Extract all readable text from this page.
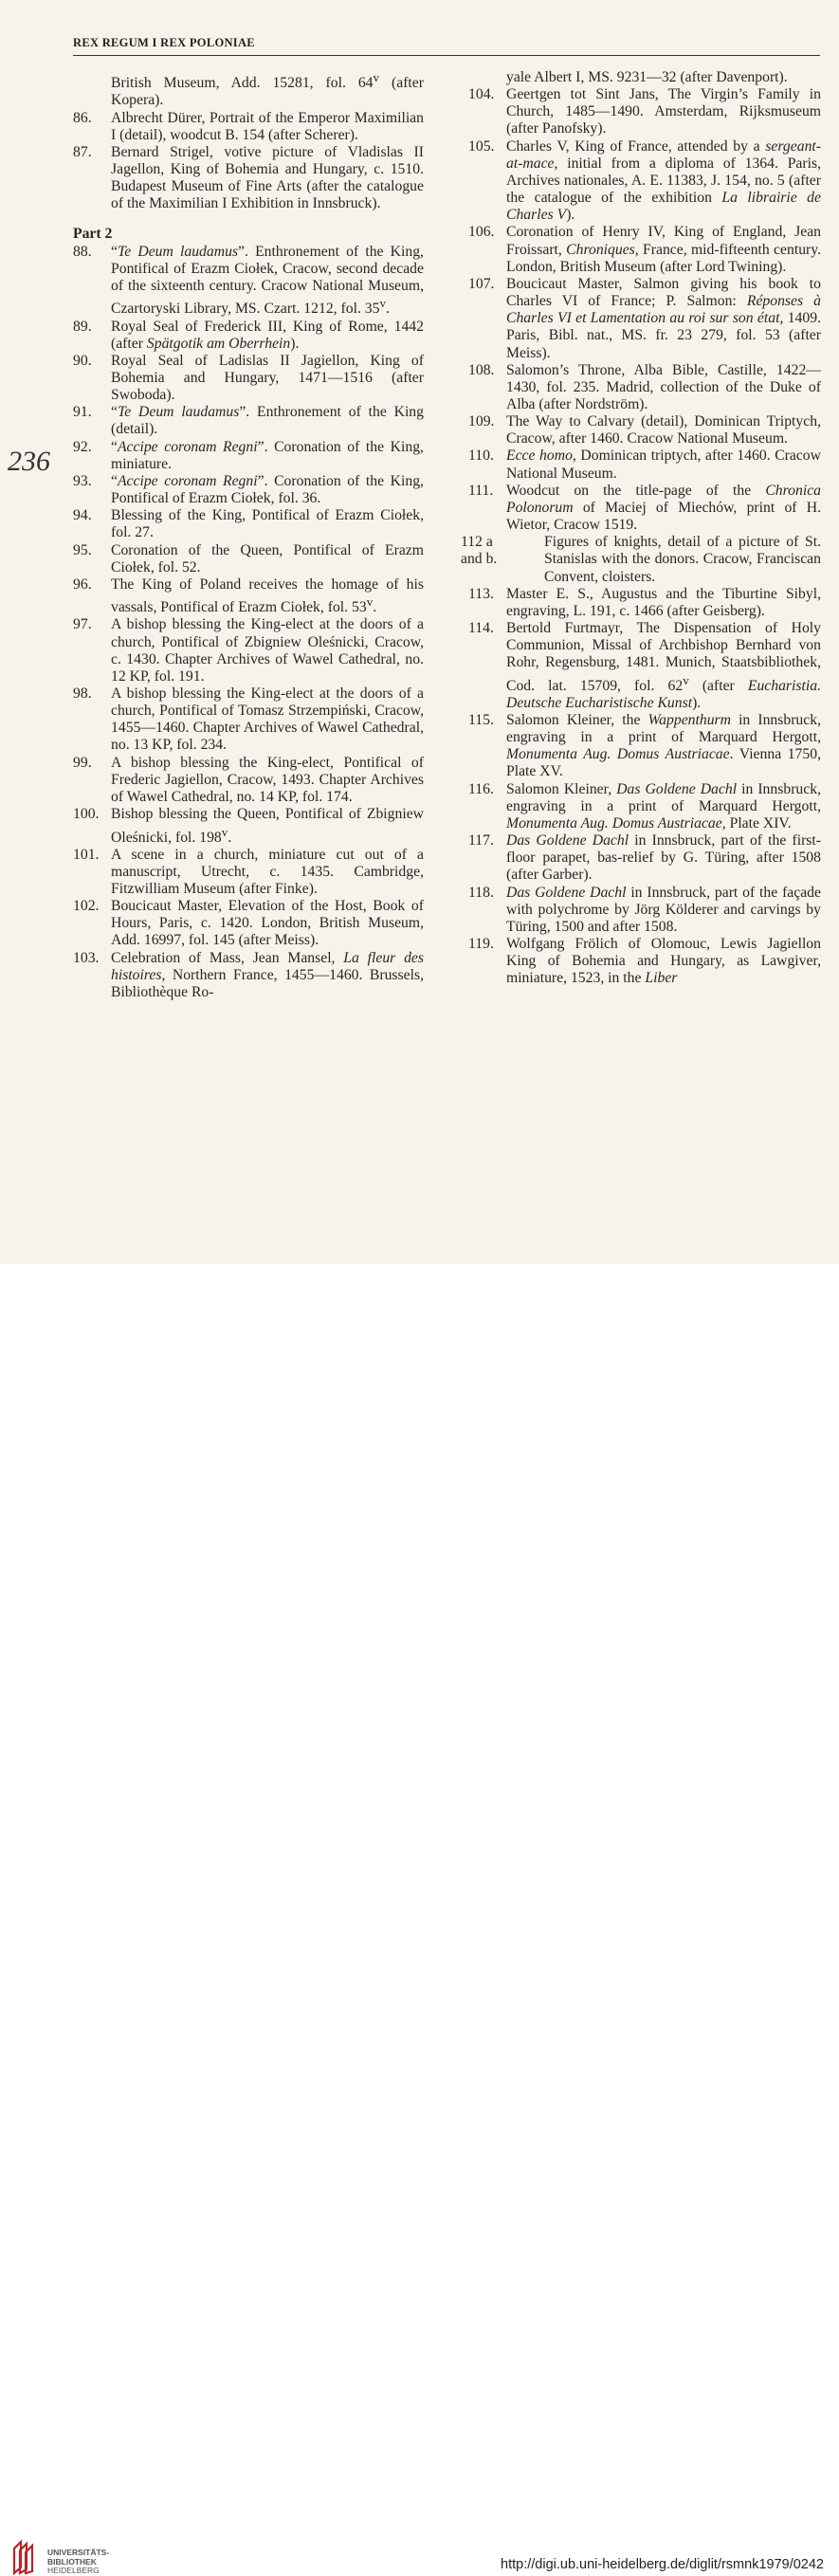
REX REGUM I REX POLONIAE
236
British Museum, Add. 15281, fol. 64$^v$ (after Kopera).
86.	Albrecht Dürer, Portrait of the Emperor Maximilian I (detail), woodcut B. 154 (after Scherer).
87.	Bernard Strigel, votive picture of Vladislas II Jagellon, King of Bohemia and Hungary, c. 1510. Budapest Museum of Fine Arts (after the catalogue of the Maximilian I Exhibition in Innsbruck).
Part 2
88.	“Te Deum laudamus”. Enthronement of the King, Pontifical of Erazm Ciołek, Cracow, second decade of the sixteenth century. Cracow National Museum, Czartoryski Library, MS. Czart. 1212, fol. 35$^v$.
89.	Royal Seal of Frederick III, King of Rome, 1442 (after Spätgotik am Oberrhein).
90.	Royal Seal of Ladislas II Jagiellon, King of Bohemia and Hungary, 1471—1516 (after Swoboda).
91.	“Te Deum laudamus”. Enthronement of the King (detail).
92.	“Accipe coronam Regni”. Coronation of the King, miniature.
93.	“Accipe coronam Regni”. Coronation of the King, Pontifical of Erazm Ciołek, fol. 36.
94.	Blessing of the King, Pontifical of Erazm Ciołek, fol. 27.
95.	Coronation of the Queen, Pontifical of Erazm Ciołek, fol. 52.
96.	The King of Poland receives the homage of his vassals, Pontifical of Erazm Ciołek, fol. 53$^v$.
97.	A bishop blessing the King-elect at the doors of a church, Pontifical of Zbigniew Oleśnicki, Cracow, c. 1430. Chapter Archives of Wawel Cathedral, no. 12 KP, fol. 191.
98.	A bishop blessing the King-elect at the doors of a church, Pontifical of Tomasz Strzempiński, Cracow, 1455—1460. Chapter Archives of Wawel Cathedral, no. 13 KP, fol. 234.
99.	A bishop blessing the King-elect, Pontifical of Frederic Jagiellon, Cracow, 1493. Chapter Archives of Wawel Cathedral, no. 14 KP, fol. 174.
100. Bishop blessing the Queen, Pontifical of Zbigniew Oleśnicki, fol. 198$^v$.
101. A scene in a church, miniature cut out of a manuscript, Utrecht, c. 1435. Cambridge, Fitzwilliam Museum (after Finke).
102. Boucicaut Master, Elevation of the Host, Book of Hours, Paris, c. 1420. London, British Museum, Add. 16997, fol. 145 (after Meiss).
103. Celebration of Mass, Jean Mansel, La fleur des histoires, Northern France, 1455—1460. Brussels, Bibliothèque Ro-
yale Albert I, MS. 9231—32 (after Davenport).
104. Geertgen tot Sint Jans, The Virgin’s Family in Church, 1485—1490. Amsterdam, Rijksmuseum (after Panofsky).
105. Charles V, King of France, attended by a sergeant-at-mace, initial from a diploma of 1364. Paris, Archives nationales, A. E. 11383, J. 154, no. 5 (after the catalogue of the exhibition La librairie de Charles V).
106. Coronation of Henry IV, King of England, Jean Froissart, Chroniques, France, mid-fifteenth century. London, British Museum (after Lord Twining).
107. Boucicaut Master, Salmon giving his book to Charles VI of France; P. Salmon: Réponses à Charles VI et Lamentation au roi sur son état, 1409. Paris, Bibl. nat., MS. fr. 23 279, fol. 53 (after Meiss).
108. Salomon’s Throne, Alba Bible, Castille, 1422—1430, fol. 235. Madrid, collection of the Duke of Alba (after Nordström).
109. The Way to Calvary (detail), Dominican Triptych, Cracow, after 1460. Cracow National Museum.
110. Ecce homo, Dominican triptych, after 1460. Cracow National Museum.
111. Woodcut on the title-page of the Chronica Polonorum of Maciej of Miechów, print of H. Wietor, Cracow 1519.
112 a and b.
Figures of knights, detail of a picture of St. Stanislas with the donors. Cracow, Franciscan Convent, cloisters.
113. Master E. S., Augustus and the Tiburtine Sibyl, engraving, L. 191, c. 1466 (after Geisberg).
114. Bertold Furtmayr, The Dispensation of Holy Communion, Missal of Archbishop Bernhard von Rohr, Regensburg, 1481. Munich, Staatsbibliothek, Cod. lat. 15709, fol. 62$^v$ (after Eucharistia. Deutsche Eucharistische Kunst).
115. Salomon Kleiner, the Wappenthurm in Innsbruck, engraving in a print of Marquard Hergott, Monumenta Aug. Domus Austriacae. Vienna 1750, Plate XV.
116. Salomon Kleiner, Das Goldene Dachl in Innsbruck, engraving in a print of Marquard Hergott, Monumenta Aug. Domus Austriacae, Plate XIV.
117. Das Goldene Dachl in Innsbruck, part of the first-floor parapet, bas-relief by G. Türing, after 1508 (after Garber).
118. Das Goldene Dachl in Innsbruck, part of the façade with polychrome by Jörg Kölderer and carvings by Türing, 1500 and after 1508.
119. Wolfgang Frölich of Olomouc, Lewis Jagiellon King of Bohemia and Hungary, as Lawgiver, miniature, 1523, in the Liber
UNIVERSITÄTS-
BIBLIOTHEK
HEIDELBERG	http://digi.ub.uni-heidelberg.de/diglit/rsmnk1979/0242
